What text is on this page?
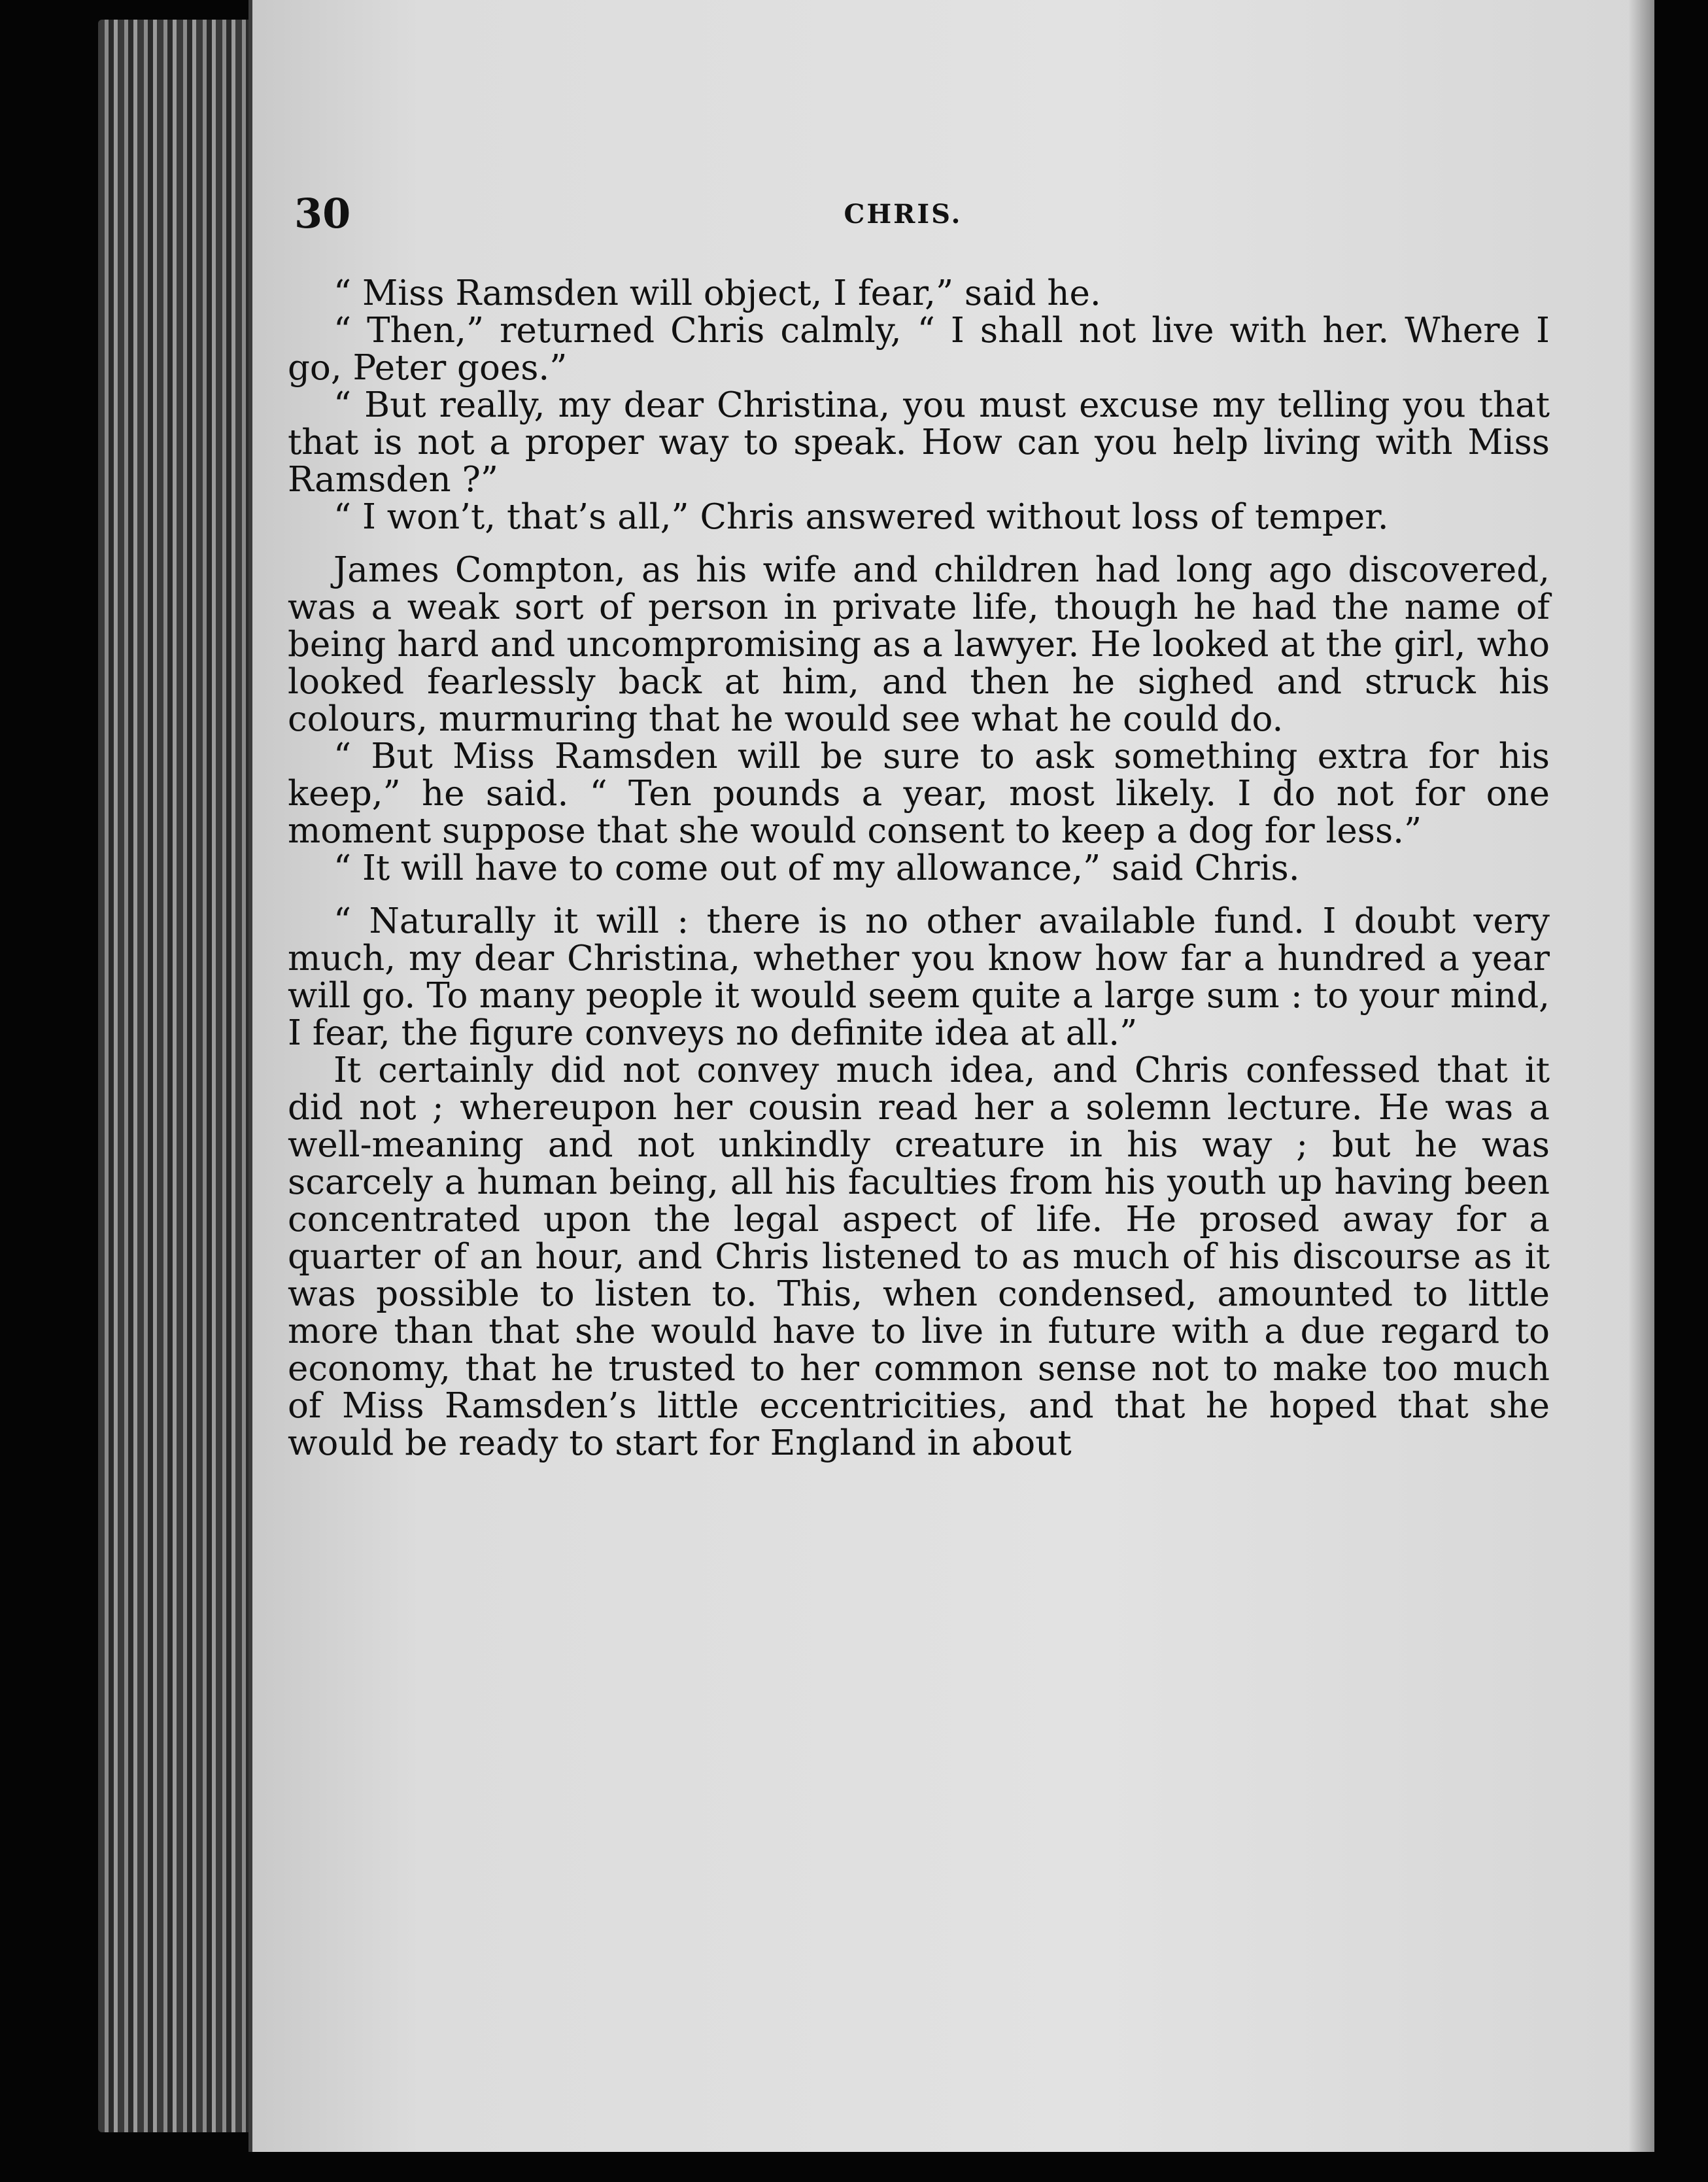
30	CHRIS.

“ Miss Ramsden will object, I fear,” said he.

“ Then,” returned Chris calmly, “ I shall not live with her. Where I go, Peter goes.”

“ But really, my dear Christina, you must excuse my telling you that that is not a proper way to speak. How can you help living with Miss Ramsden ?”

“ I won’t, that’s all,” Chris answered without loss of temper.

James Compton, as his wife and children had long ago discovered, was a weak sort of person in private life, though he had the name of being hard and uncompromising as a lawyer. He looked at the girl, who looked fearlessly back at him, and then he sighed and struck his colours, murmuring that he would see what he could do.

“ But Miss Ramsden will be sure to ask something extra for his keep,” he said. “ Ten pounds a year, most likely. I do not for one moment suppose that she would consent to keep a dog for less.”

“ It will have to come out of my allowance,” said Chris.

“ Naturally it will : there is no other available fund. I doubt very much, my dear Christina, whether you know how far a hundred a year will go. To many people it would seem quite a large sum : to your mind, I fear, the figure conveys no definite idea at all.”

It certainly did not convey much idea, and Chris confessed that it did not ; whereupon her cousin read her a solemn lecture. He was a well-meaning and not unkindly creature in his way ; but he was scarcely a human being, all his faculties from his youth up having been concentrated upon the legal aspect of life. He prosed away for a quarter of an hour, and Chris listened to as much of his discourse as it was possible to listen to. This, when condensed, amounted to little more than that she would have to live in future with a due regard to economy, that he trusted to her common sense not to make too much of Miss Ramsden’s little eccentricities, and that he hoped that she would be ready to start for England in about
